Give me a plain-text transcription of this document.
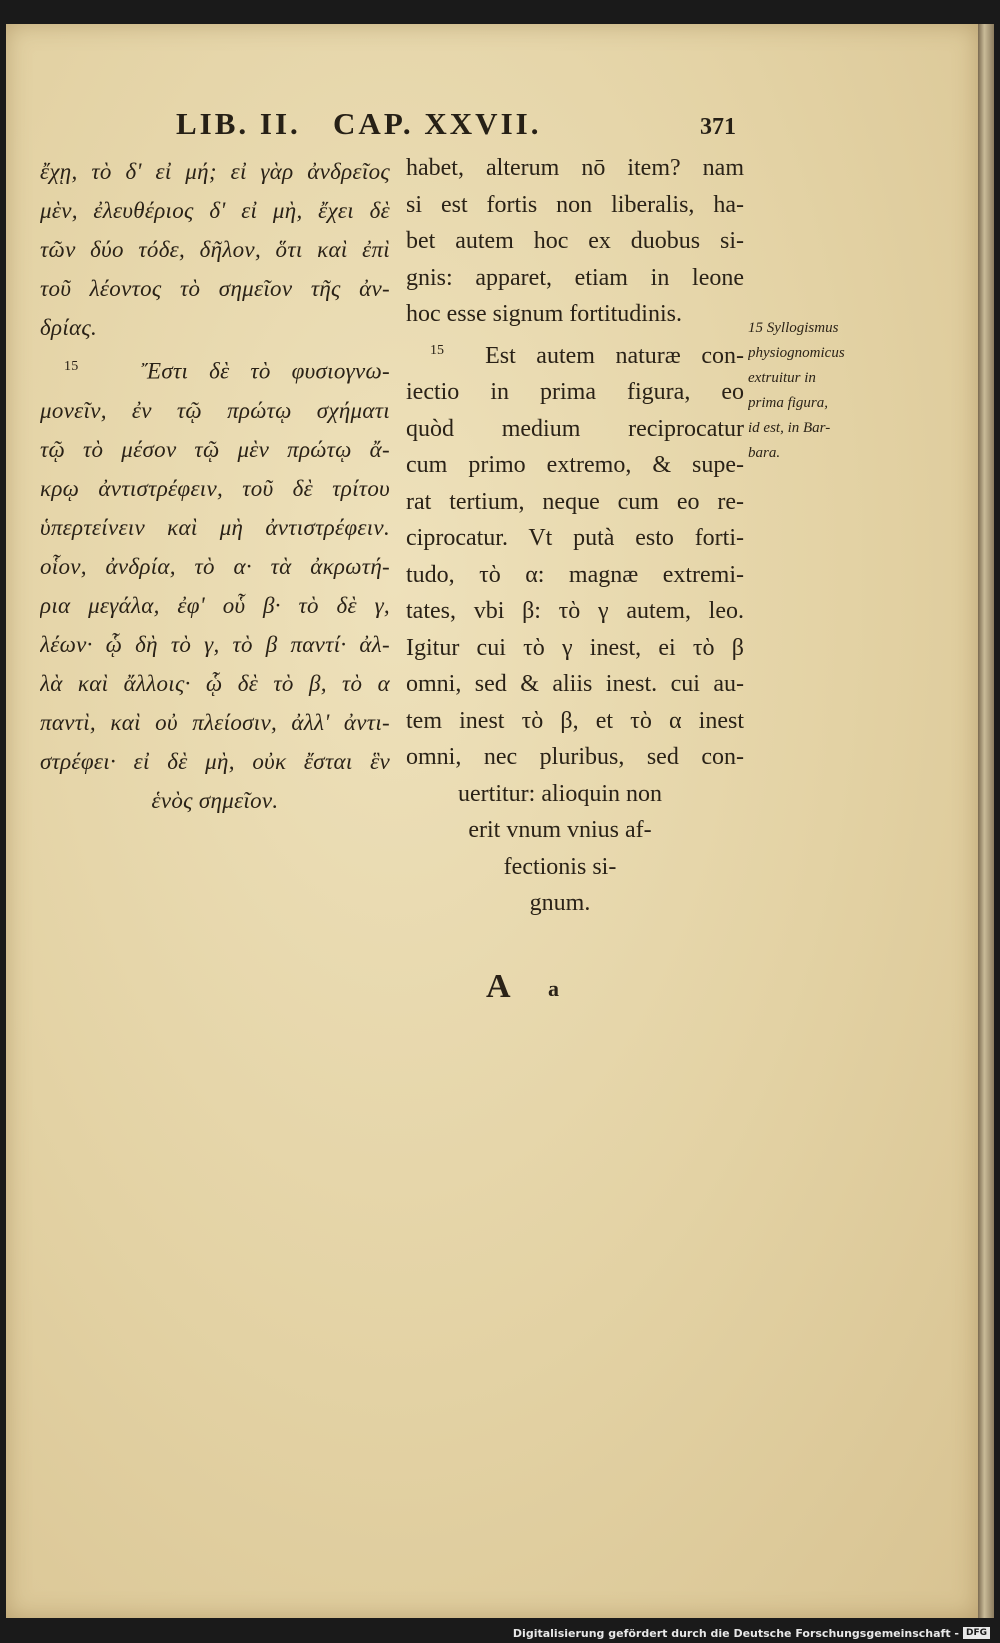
LIB. II.   CAP. XXVII.	371
ἔχῃ, τὸ δ' εἰ μή; εἰ γὰρ ἀνδρεῖος
μὲν, ἐλευθέριος δ' εἰ μὴ, ἔχει δὲ
τῶν δύο τόδε, δῆλον, ὅτι καὶ ἐπὶ
τοῦ λέοντος τὸ σημεῖον τῆς ἀν-
δρίας.
$^{15}$	Ἔστι δὲ τὸ φυσιογνω-
μονεῖν, ἐν τῷ πρώτῳ σχήματι
τῷ τὸ μέσον τῷ μὲν πρώτῳ ἄ-
κρῳ ἀντιστρέφειν, τοῦ δὲ τρίτου
ὑπερτείνειν καὶ μὴ ἀντιστρέφειν.
οἷον, ἀνδρία, τὸ α· τὰ ἀκρωτή-
ρια μεγάλα, ἐφ' οὗ β· τὸ δὲ γ,
λέων· ᾧ δὴ τὸ γ, τὸ β παντί· ἀλ-
λὰ καὶ ἄλλοις· ᾧ δὲ τὸ β, τὸ α
παντὶ, καὶ οὐ πλείοσιν, ἀλλ' ἀντι-
στρέφει· εἰ δὲ μὴ, οὐκ ἔσται ἓν
ἑνὸς σημεῖον.
habet, alterum nō item? nam
si est fortis non liberalis, ha-
bet autem hoc ex duobus si-
gnis: apparet, etiam in leone
hoc esse signum fortitudinis.
$^{15}$ Est autem naturæ con-
iectio in prima figura, eo
quòd medium reciprocatur
cum primo extremo, & supe-
rat tertium, neque cum eo re-
ciprocatur. Vt putà esto forti-
tudo, τὸ α: magnæ extremi-
tates, vbi β: τὸ γ autem, leo.
Igitur cui τὸ γ inest, ei τὸ β
omni, sed & aliis inest. cui au-
tem inest τὸ β, et τὸ α inest
omni, nec pluribus, sed con-
uertitur: alioquin non
erit vnum vnius af-
fectionis si-
gnum.
15 Syllogismus
physiognomicus
extruitur in
prima figura,
id est, in Bar-
bara.
A a
Digitalisierung gefördert durch die Deutsche Forschungsgemeinschaft - DFG
